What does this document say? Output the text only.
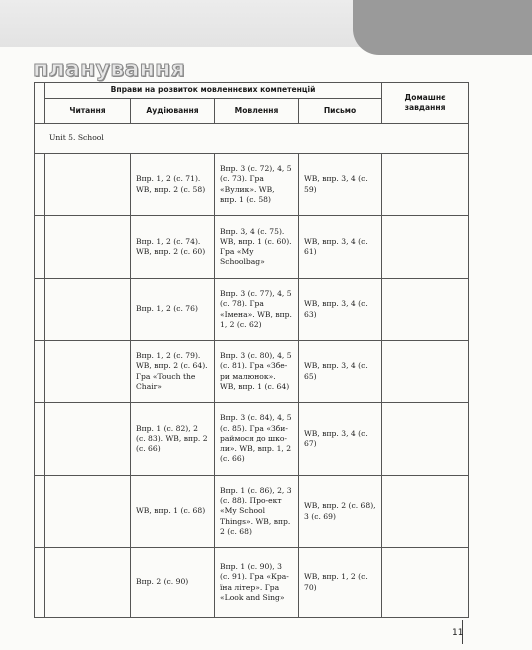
планування
	Вправи на розвиток мовленнєвих компетенцій				Домашнє завдання
	Читання	Аудіювання	Мовлення	Письмо	
Unit 5. School					
		Впр. 1, 2 (с. 71). WB, впр. 2 (с. 58)	Впр. 3 (с. 72), 4, 5 (с. 73). Гра «Вулик». WB, впр. 1 (с. 58)	WB, впр. 3, 4 (с. 59)	
		Впр. 1, 2 (с. 74). WB, впр. 2 (с. 60)	Впр. 3, 4 (с. 75). WB, впр. 1 (с. 60). Гра «My Schoolbag»	WB, впр. 3, 4 (с. 61)	
		Впр. 1, 2 (с. 76)	Впр. 3 (с. 77), 4, 5 (с. 78). Гра «Імена». WB, впр. 1, 2 (с. 62)	WB, впр. 3, 4 (с. 63)	
		Впр. 1, 2 (с. 79). WB, впр. 2 (с. 64). Гра «Touch the Chair»	Впр. 3 (с. 80), 4, 5 (с. 81). Гра «Збе-ри малюнок». WB, впр. 1 (с. 64)	WB, впр. 3, 4 (с. 65)	
		Впр. 1 (с. 82), 2 (с. 83). WB, впр. 2 (с. 66)	Впр. 3 (с. 84), 4, 5 (с. 85). Гра «Зби-раймося до шко-ли». WB, впр. 1, 2 (с. 66)	WB, впр. 3, 4 (с. 67)	
		WB, впр. 1 (с. 68)	Впр. 1 (с. 86), 2, 3 (с. 88). Про-ект «My School Things». WB, впр. 2 (с. 68)	WB, впр. 2 (с. 68), 3 (с. 69)	
		Впр. 2 (с. 90)	Впр. 1 (с. 90), 3 (с. 91). Гра «Кра-їна літер». Гра «Look and Sing»	WB, впр. 1, 2 (с. 70)	
11
